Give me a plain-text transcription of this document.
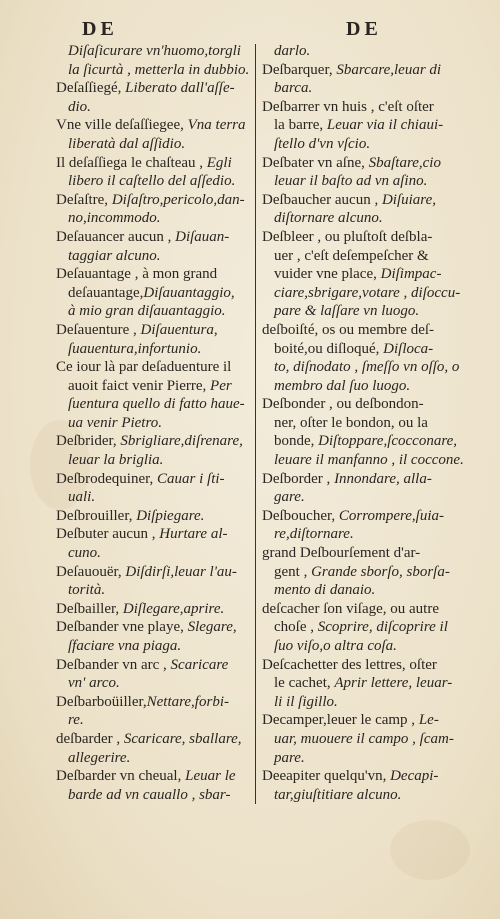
DE	DE
Diſaſicurare vn'huomo,torgli
la ſicurtà , metterla in dubbio.
Deſaſſiegé, Liberato dall'aſſe-
dio.
Vne ville deſaſſiegee, Vna terra
liberatà dal aſſidio.
Il deſaſſiega le chaſteau , Egli
libero il caſtello del aſſedio.
Deſaſtre, Diſaſtro,pericolo,dan-
no,incommodo.
Deſauancer aucun , Diſauan-
taggiar alcuno.
Deſauantage , à mon grand
deſauantage,Diſauantaggio,
à mio gran diſauantaggio.
Deſauenture , Diſauentura,
ſuauentura,infortunio.
Ce iour là par deſaduenture il
auoit faict venir Pierre, Per
ſuentura quello di fatto haue-
ua venir Pietro.
Deſbrider, Sbrigliare,diſrenare,
leuar la briglia.
Deſbrodequiner, Cauar i ſti-
uali.
Deſbrouiller, Diſpiegare.
Deſbuter aucun , Hurtare al-
cuno.
Deſauouër, Diſdirſi,leuar l'au-
torità.
Deſbailler, Diſlegare,aprire.
Deſbander vne playe, Slegare,
ſfaciare vna piaga.
Deſbander vn arc , Scaricare
vn' arco.
Deſbarboüiller,Nettare,forbi-
re.
deſbarder , Scaricare, sballare,
allegerire.
Deſbarder vn cheual, Leuar le
barde ad vn cauallo , sbar-
darlo.
Deſbarquer, Sbarcare,leuar di
barca.
Deſbarrer vn huis , c'eſt oſter
la barre, Leuar via il chiaui-
ſtello d'vn vſcio.
Deſbater vn aſne, Sbaſtare,cio
leuar il baſto ad vn aſino.
Deſbaucher aucun , Diſuiare,
diſtornare alcuno.
Deſbleer , ou pluſtoſt deſbla-
uer , c'eſt deſempeſcher &
vuider vne place, Diſimpac-
ciare,sbrigare,votare , diſoccu-
pare & laſſare vn luogo.
deſboiſté, os ou membre deſ-
boité,ou diſloqué, Diſloca-
to, diſnodato , ſmeſſo vn oſſo, o
membro dal ſuo luogo.
Deſbonder , ou deſbondon-
ner, oſter le bondon, ou la
bonde, Diſtoppare,ſcocconare,
leuare il manfanno , il coccone.
Deſborder , Innondare, alla-
gare.
Deſboucher, Corrompere,ſuia-
re,diſtornare.
grand Deſbourſement d'ar-
gent , Grande sborſo, sborſa-
mento di danaio.
deſcacher ſon viſage, ou autre
choſe , Scoprire, diſcoprire il
ſuo viſo,o altra coſa.
Deſcachetter des lettres, oſter
le cachet, Aprir lettere, leuar-
li il ſigillo.
Decamper,leuer le camp , Le-
uar, muouere il campo , ſcam-
pare.
Deeapiter quelqu'vn, Decapi-
tar,giuſtitiare alcuno.
